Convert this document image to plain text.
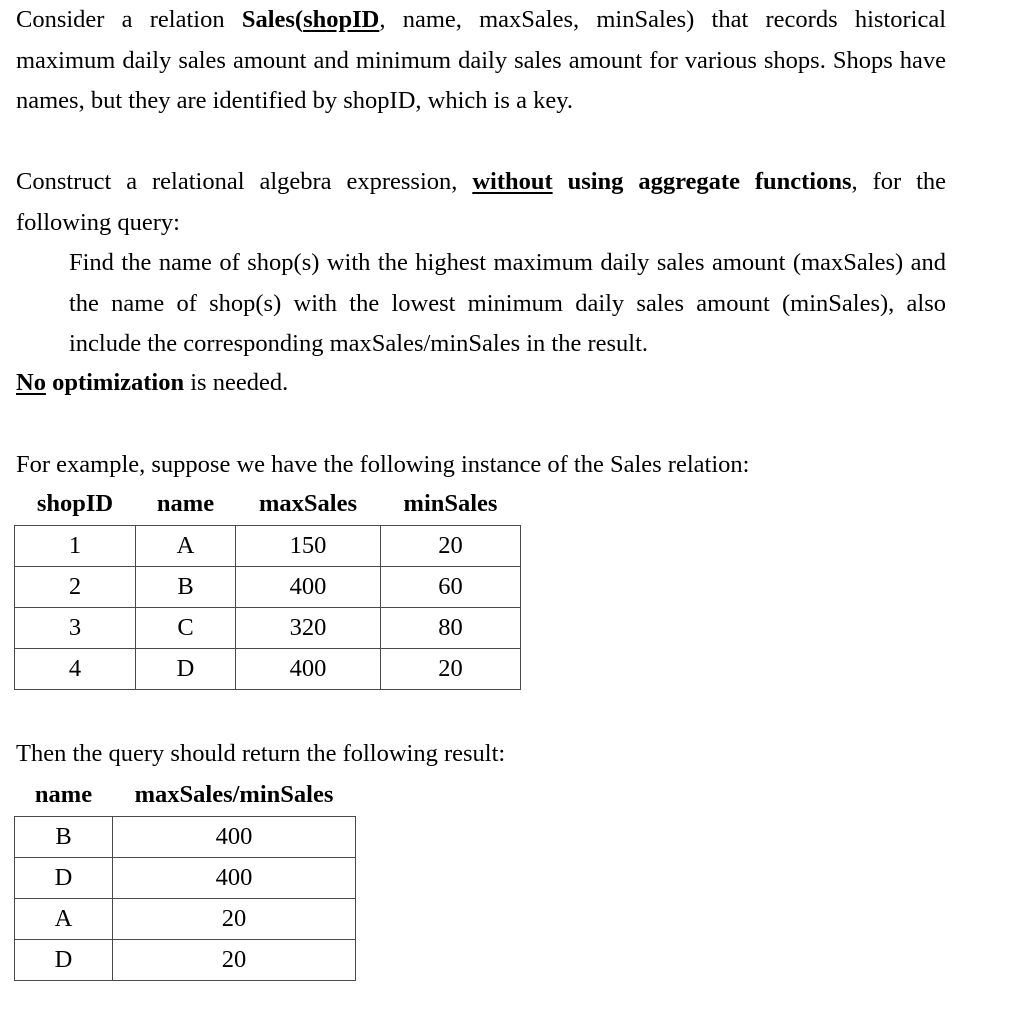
Consider a relation Sales(shopID, name, maxSales, minSales) that records historical maximum daily sales amount and minimum daily sales amount for various shops. Shops have names, but they are identified by shopID, which is a key.

Construct a relational algebra expression, without using aggregate functions, for the following query:

Find the name of shop(s) with the highest maximum daily sales amount (maxSales) and the name of shop(s) with the lowest minimum daily sales amount (minSales), also include the corresponding maxSales/minSales in the result.

No optimization is needed.

For example, suppose we have the following instance of the Sales relation:

shopID	name	maxSales	minSales
1	A	150	20
2	B	400	60
3	C	320	80
4	D	400	20

Then the query should return the following result:

name	maxSales/minSales
B	400
D	400
A	20
D	20
